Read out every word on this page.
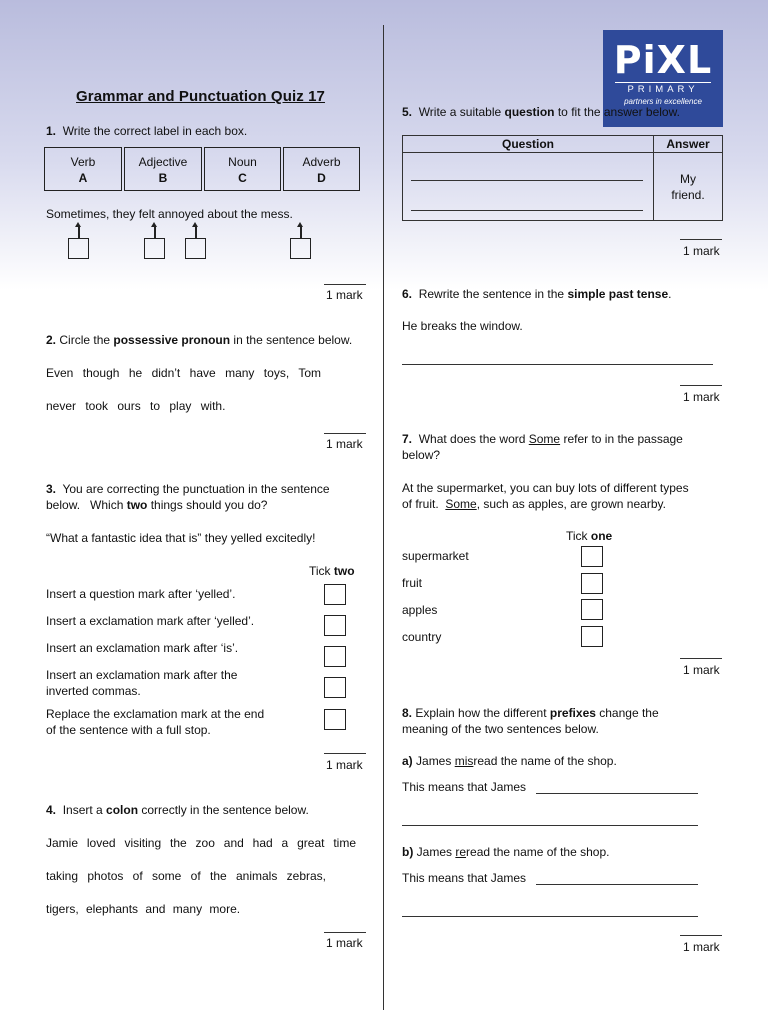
PiXL
PRIMARY
partners in excellence
Grammar and Punctuation Quiz 17
1. Write the correct label in each box.
Verb
A
Adjective
B
Noun
C
Adverb
D
Sometimes, they felt annoyed about the mess.
1 mark
2. Circle the possessive pronoun in the sentence below.
Even though he didn’t have many toys, Tom
never took ours to play with.
1 mark
3. You are correcting the punctuation in the sentence
below.   Which two things should you do?
“What a fantastic idea that is” they yelled excitedly!
Tick two
Insert a question mark after ‘yelled’.
Insert a exclamation mark after ‘yelled’.
Insert an exclamation mark after ‘is’.
Insert an exclamation mark after the
inverted commas.
Replace the exclamation mark at the end
of the sentence with a full stop.
1 mark
4. Insert a colon correctly in the sentence below.
Jamie loved visiting the zoo and had a great time
taking photos of some of the animals zebras,
tigers, elephants and many more.
1 mark
5. Write a suitable question to fit the answer below.
Question	Answer

	My
friend.
1 mark
6. Rewrite the sentence in the simple past tense.
He breaks the window.
1 mark
7. What does the word Some refer to in the passage
below?
At the supermarket, you can buy lots of different types
of fruit.  Some, such as apples, are grown nearby.
Tick one
supermarket
fruit
apples
country
1 mark
8. Explain how the different prefixes change the
meaning of the two sentences below.
a) James misread the name of the shop.
This means that James
b) James reread the name of the shop.
This means that James
1 mark
